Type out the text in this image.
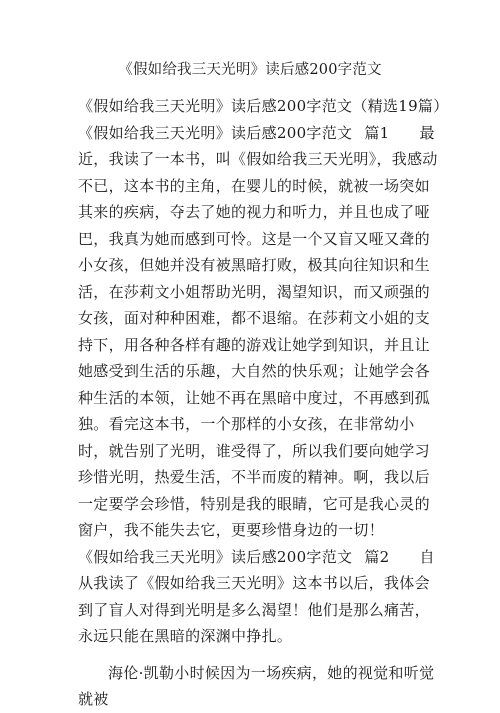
《假如给我三天光明》读后感200字范文

《假如给我三天光明》读后感200字范文（精选19篇）

《假如给我三天光明》读后感200字范文 篇1 最近，我读了一本书，叫《假如给我三天光明》，我感动不已，这本书的主角，在婴儿的时候，就被一场突如其来的疾病，夺去了她的视力和听力，并且也成了哑巴，我真为她而感到可怜。这是一个又盲又哑又聋的小女孩，但她并没有被黑暗打败，极其向往知识和生活，在莎莉文小姐帮助光明，渴望知识，而又顽强的女孩，面对种种困难，都不退缩。在莎莉文小姐的支持下，用各种各样有趣的游戏让她学到知识，并且让她感受到生活的乐趣，大自然的快乐观；让她学会各种生活的本领，让她不再在黑暗中度过，不再感到孤独。看完这本书，一个那样的小女孩，在非常幼小时，就告别了光明，谁受得了，所以我们要向她学习珍惜光明，热爱生活，不半而废的精神。啊，我以后一定要学会珍惜，特别是我的眼睛，它可是我心灵的窗户，我不能失去它，更要珍惜身边的一切！

《假如给我三天光明》读后感200字范文 篇2 自从我读了《假如给我三天光明》这本书以后，我体会到了盲人对得到光明是多么渴望！他们是那么痛苦，永远只能在黑暗的深渊中挣扎。

海伦·凯勒小时候因为一场疾病，她的视觉和听觉就被
